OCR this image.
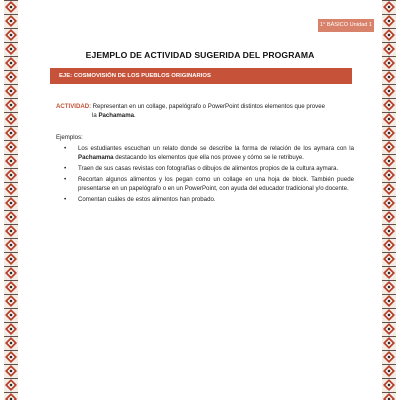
1° BÁSICO Unidad 1
EJEMPLO DE ACTIVIDAD SUGERIDA DEL PROGRAMA
EJE: COSMOVISIÓN DE LOS PUEBLOS ORIGINARIOS
ACTIVIDAD: Representan en un collage, papelógrafo o PowerPoint distintos elementos que provee
la Pachamama.
Ejemplos:
• Los estudiantes escuchan un relato donde se describe la forma de relación de los aymara con la Pachamama destacando los elementos que ella nos provee y cómo se le retribuye.
• Traen de sus casas revistas con fotografías o dibujos de alimentos propios de la cultura aymara.
• Recortan algunos alimentos y los pegan como un collage en una hoja de block. También puede presentarse en un papelógrafo o en un PowerPoint, con ayuda del educador tradicional y/o docente.
• Comentan cuáles de estos alimentos han probado.
